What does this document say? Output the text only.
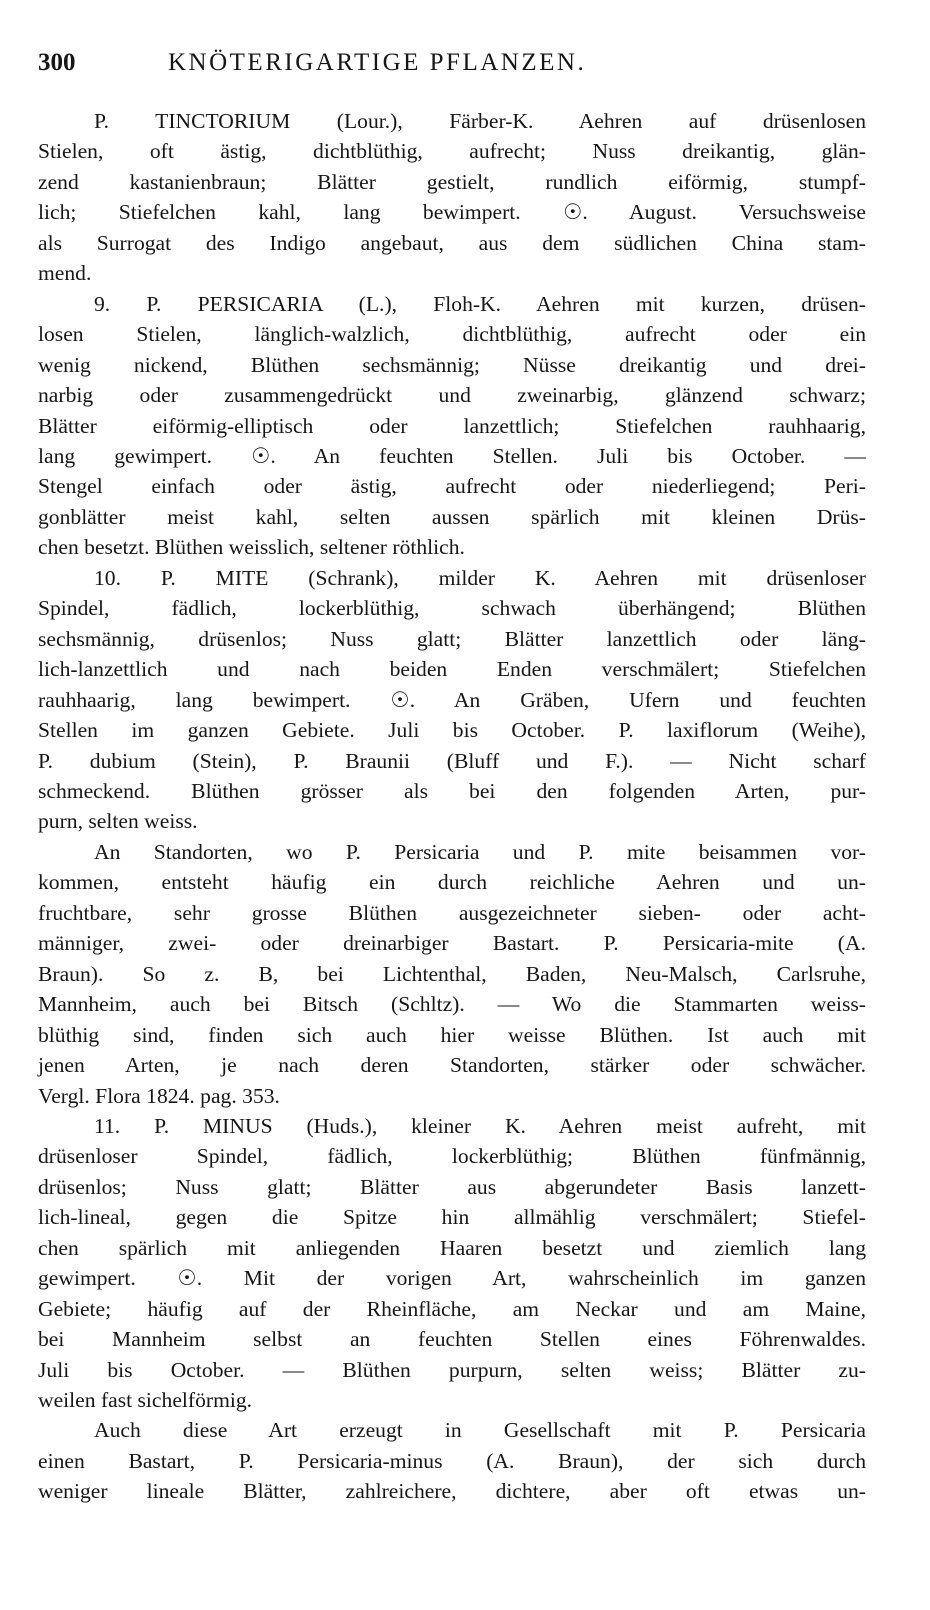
300	KNÖTERIGARTIGE PFLANZEN.
P. TINCTORIUM (Lour.), Färber-K. Aehren auf drüsenlosen
Stielen, oft ästig, dichtblüthig, aufrecht; Nuss dreikantig, glän-
zend kastanienbraun; Blätter gestielt, rundlich eiförmig, stumpf-
lich; Stiefelchen kahl, lang bewimpert. ☉. August. Versuchsweise
als Surrogat des Indigo angebaut, aus dem südlichen China stam-
mend.
9. P. PERSICARIA (L.), Floh-K. Aehren mit kurzen, drüsen-
losen Stielen, länglich-walzlich, dichtblüthig, aufrecht oder ein
wenig nickend, Blüthen sechsmännig; Nüsse dreikantig und drei-
narbig oder zusammengedrückt und zweinarbig, glänzend schwarz;
Blätter eiförmig-elliptisch oder lanzettlich; Stiefelchen rauhhaarig,
lang gewimpert. ☉. An feuchten Stellen. Juli bis October. —
Stengel einfach oder ästig, aufrecht oder niederliegend; Peri-
gonblätter meist kahl, selten aussen spärlich mit kleinen Drüs-
chen besetzt. Blüthen weisslich, seltener röthlich.
10. P. MITE (Schrank), milder K. Aehren mit drüsenloser
Spindel, fädlich, lockerblüthig, schwach überhängend; Blüthen
sechsmännig, drüsenlos; Nuss glatt; Blätter lanzettlich oder läng-
lich-lanzettlich und nach beiden Enden verschmälert; Stiefelchen
rauhhaarig, lang bewimpert. ☉. An Gräben, Ufern und feuchten
Stellen im ganzen Gebiete. Juli bis October. P. laxiflorum (Weihe),
P. dubium (Stein), P. Braunii (Bluff und F.). — Nicht scharf
schmeckend. Blüthen grösser als bei den folgenden Arten, pur-
purn, selten weiss.
An Standorten, wo P. Persicaria und P. mite beisammen vor-
kommen, entsteht häufig ein durch reichliche Aehren und un-
fruchtbare, sehr grosse Blüthen ausgezeichneter sieben- oder acht-
männiger, zwei- oder dreinarbiger Bastart. P. Persicaria-mite (A.
Braun). So z. B, bei Lichtenthal, Baden, Neu-Malsch, Carlsruhe,
Mannheim, auch bei Bitsch (Schltz). — Wo die Stammarten weiss-
blüthig sind, finden sich auch hier weisse Blüthen. Ist auch mit
jenen Arten, je nach deren Standorten, stärker oder schwächer.
Vergl. Flora 1824. pag. 353.
11. P. MINUS (Huds.), kleiner K. Aehren meist aufreht, mit
drüsenloser Spindel, fädlich, lockerblüthig; Blüthen fünfmännig,
drüsenlos; Nuss glatt; Blätter aus abgerundeter Basis lanzett-
lich-lineal, gegen die Spitze hin allmählig verschmälert; Stiefel-
chen spärlich mit anliegenden Haaren besetzt und ziemlich lang
gewimpert. ☉. Mit der vorigen Art, wahrscheinlich im ganzen
Gebiete; häufig auf der Rheinfläche, am Neckar und am Maine,
bei Mannheim selbst an feuchten Stellen eines Föhrenwaldes.
Juli bis October. — Blüthen purpurn, selten weiss; Blätter zu-
weilen fast sichelförmig.
Auch diese Art erzeugt in Gesellschaft mit P. Persicaria
einen Bastart, P. Persicaria-minus (A. Braun), der sich durch
weniger lineale Blätter, zahlreichere, dichtere, aber oft etwas un-
